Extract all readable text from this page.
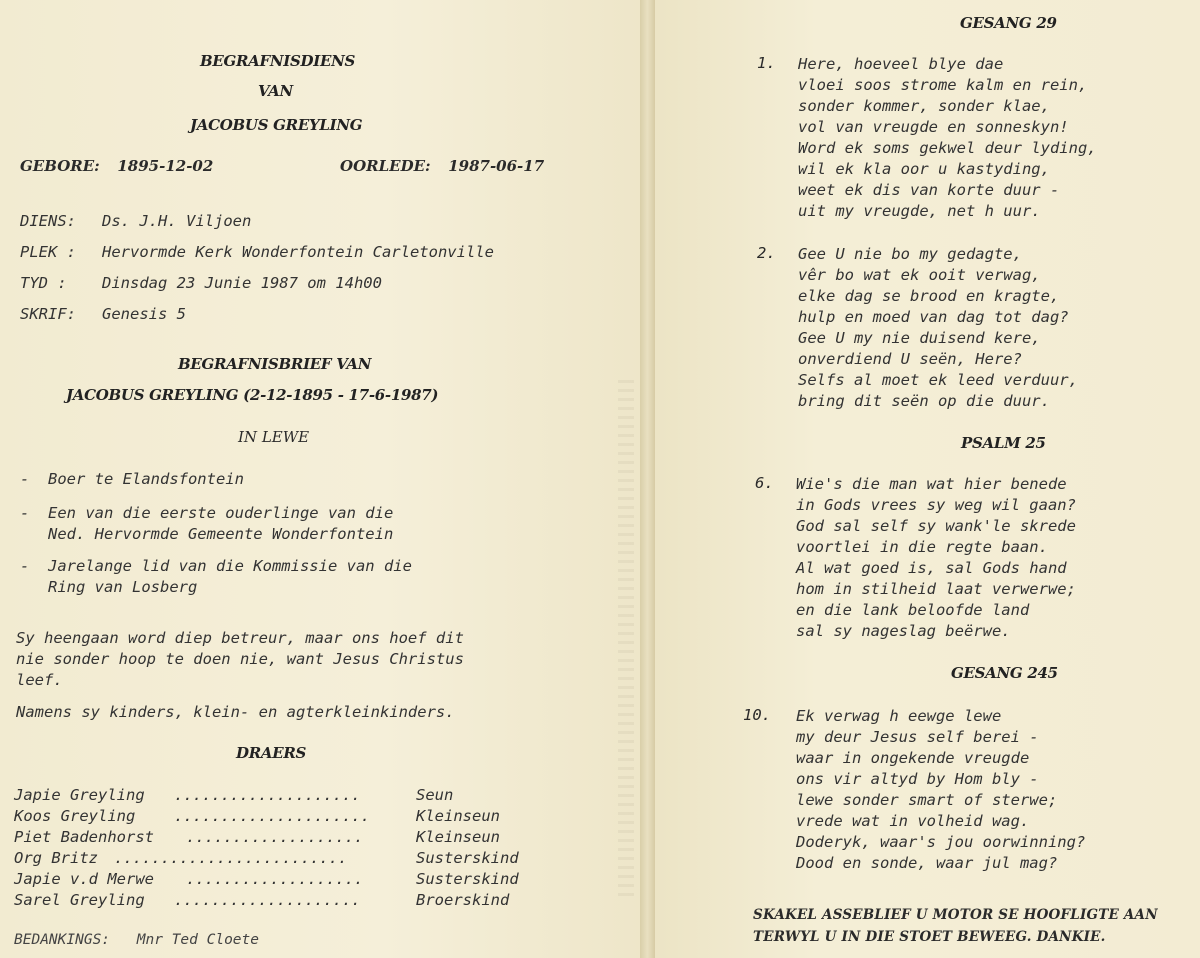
BEGRAFNISDIENS
VAN
JACOBUS GREYLING
GEBORE: 1895-12-02	OORLEDE: 1987-06-17
DIENS: Ds. J.H. Viljoen
PLEK : Hervormde Kerk Wonderfontein Carletonville
TYD : Dinsdag 23 Junie 1987 om 14h00
SKRIF: Genesis 5
BEGRAFNISBRIEF VAN
JACOBUS GREYLING (2-12-1895 - 17-6-1987)
IN LEWE
- Boer te Elandsfontein
- Een van die eerste ouderlinge van die
Ned. Hervormde Gemeente Wonderfontein
- Jarelange lid van die Kommissie van die
Ring van Losberg
Sy heengaan word diep betreur, maar ons hoef dit
nie sonder hoop te doen nie, want Jesus Christus
leef.
Namens sy kinders, klein- en agterkleinkinders.
DRAERS
Japie Greyling ....................	Seun
Koos Greyling .....................	Kleinseun
Piet Badenhorst ...................	Kleinseun
Org Britz .........................	Susterskind
Japie v.d Merwe ...................	Susterskind
Sarel Greyling ....................	Broerskind
BEDANKINGS: Mnr Ted Cloete
GESANG 29
1. Here, hoeveel blye dae
vloei soos strome kalm en rein,
sonder kommer, sonder klae,
vol van vreugde en sonneskyn!
Word ek soms gekwel deur lyding,
wil ek kla oor u kastyding,
weet ek dis van korte duur -
uit my vreugde, net h uur.
2. Gee U nie bo my gedagte,
vêr bo wat ek ooit verwag,
elke dag se brood en kragte,
hulp en moed van dag tot dag?
Gee U my nie duisend kere,
onverdiend U seën, Here?
Selfs al moet ek leed verduur,
bring dit seën op die duur.
PSALM 25
6. Wie's die man wat hier benede
in Gods vrees sy weg wil gaan?
God sal self sy wank'le skrede
voortlei in die regte baan.
Al wat goed is, sal Gods hand
hom in stilheid laat verwerwe;
en die lank beloofde land
sal sy nageslag beërwe.
GESANG 245
10. Ek verwag h eewge lewe
my deur Jesus self berei -
waar in ongekende vreugde
ons vir altyd by Hom bly -
lewe sonder smart of sterwe;
vrede wat in volheid wag.
Doderyk, waar's jou oorwinning?
Dood en sonde, waar jul mag?
SKAKEL ASSEBLIEF U MOTOR SE HOOFLIGTE AAN
TERWYL U IN DIE STOET BEWEEG. DANKIE.
